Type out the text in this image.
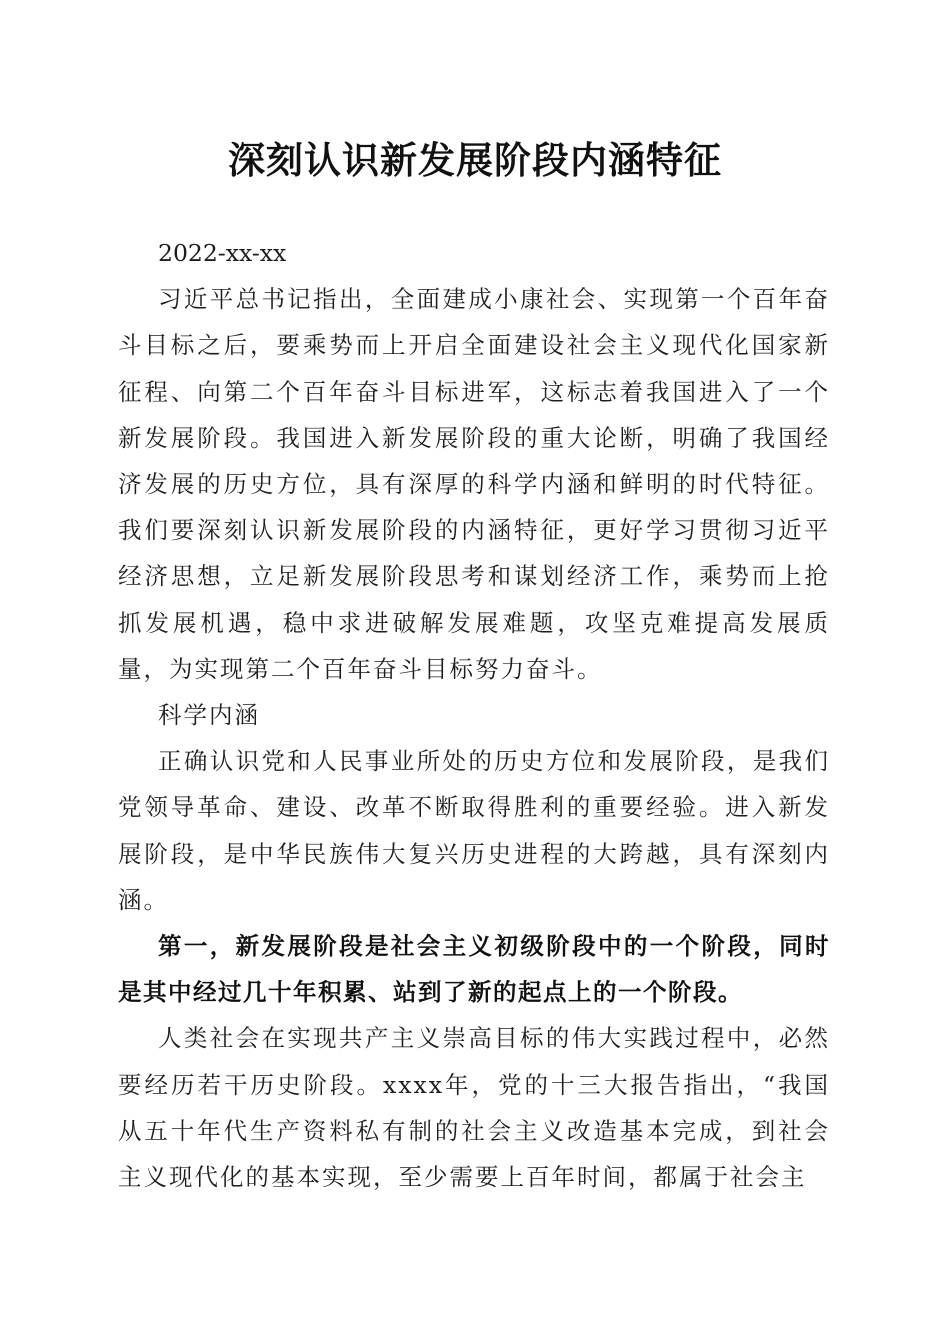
深刻认识新发展阶段内涵特征

2022-xx-xx

习近平总书记指出，全面建成小康社会、实现第一个百年奋斗目标之后，要乘势而上开启全面建设社会主义现代化国家新征程、向第二个百年奋斗目标进军，这标志着我国进入了一个新发展阶段。我国进入新发展阶段的重大论断，明确了我国经济发展的历史方位，具有深厚的科学内涵和鲜明的时代特征。我们要深刻认识新发展阶段的内涵特征，更好学习贯彻习近平经济思想，立足新发展阶段思考和谋划经济工作，乘势而上抢抓发展机遇，稳中求进破解发展难题，攻坚克难提高发展质量，为实现第二个百年奋斗目标努力奋斗。

科学内涵

正确认识党和人民事业所处的历史方位和发展阶段，是我们党领导革命、建设、改革不断取得胜利的重要经验。进入新发展阶段，是中华民族伟大复兴历史进程的大跨越，具有深刻内涵。

第一，新发展阶段是社会主义初级阶段中的一个阶段，同时是其中经过几十年积累、站到了新的起点上的一个阶段。

人类社会在实现共产主义崇高目标的伟大实践过程中，必然要经历若干历史阶段。xxxx年，党的十三大报告指出，“我国从五十年代生产资料私有制的社会主义改造基本完成，到社会主义现代化的基本实现，至少需要上百年时间，都属于社会主
